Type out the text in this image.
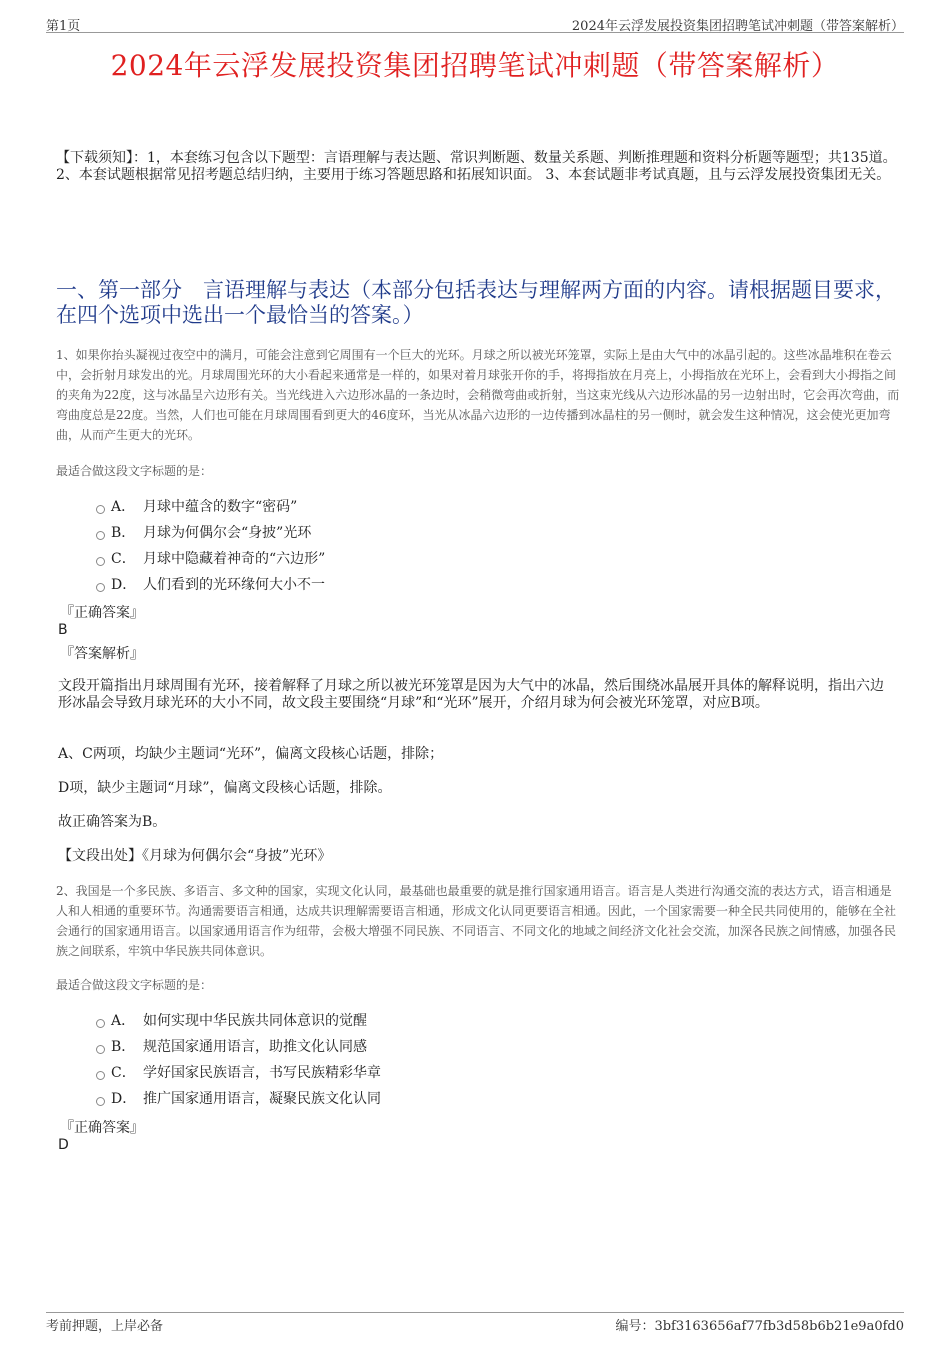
第1页	2024年云浮发展投资集团招聘笔试冲刺题（带答案解析）
2024年云浮发展投资集团招聘笔试冲刺题（带答案解析）
【下载须知】：1，本套练习包含以下题型：言语理解与表达题、常识判断题、数量关系题、判断推理题和资料分析题等题型；共135道。 2、本套试题根据常见招考题总结归纳，主要用于练习答题思路和拓展知识面。 3、本套试题非考试真题，且与云浮发展投资集团无关。
一、第一部分　言语理解与表达（本部分包括表达与理解两方面的内容。请根据题目要求，在四个选项中选出一个最恰当的答案。）
1、如果你抬头凝视过夜空中的满月，可能会注意到它周围有一个巨大的光环。月球之所以被光环笼罩，实际上是由大气中的冰晶引起的。这些冰晶堆积在卷云中，会折射月球发出的光。月球周围光环的大小看起来通常是一样的，如果对着月球张开你的手，将拇指放在月亮上，小拇指放在光环上，会看到大小拇指之间的夹角为22度，这与冰晶呈六边形有关。当光线进入六边形冰晶的一条边时，会稍微弯曲或折射，当这束光线从六边形冰晶的另一边射出时，它会再次弯曲，而弯曲度总是22度。当然，人们也可能在月球周围看到更大的46度环，当光从冰晶六边形的一边传播到冰晶柱的另一侧时，就会发生这种情况，这会使光更加弯曲，从而产生更大的光环。
最适合做这段文字标题的是：
A． 月球中蕴含的数字“密码”
B． 月球为何偶尔会“身披”光环
C． 月球中隐藏着神奇的“六边形”
D． 人们看到的光环缘何大小不一
『正确答案』
B
『答案解析』
文段开篇指出月球周围有光环，接着解释了月球之所以被光环笼罩是因为大气中的冰晶，然后围绕冰晶展开具体的解释说明，指出六边形冰晶会导致月球光环的大小不同，故文段主要围绕“月球”和“光环”展开，介绍月球为何会被光环笼罩，对应B项。
A、C两项，均缺少主题词“光环”，偏离文段核心话题，排除；
D项，缺少主题词“月球”，偏离文段核心话题，排除。
故正确答案为B。
【文段出处】《月球为何偶尔会“身披”光环》
2、我国是一个多民族、多语言、多文种的国家，实现文化认同，最基础也最重要的就是推行国家通用语言。语言是人类进行沟通交流的表达方式，语言相通是人和人相通的重要环节。沟通需要语言相通，达成共识理解需要语言相通，形成文化认同更要语言相通。因此，一个国家需要一种全民共同使用的，能够在全社会通行的国家通用语言。以国家通用语言作为纽带，会极大增强不同民族、不同语言、不同文化的地域之间经济文化社会交流，加深各民族之间情感，加强各民族之间联系，牢筑中华民族共同体意识。
最适合做这段文字标题的是：
A． 如何实现中华民族共同体意识的觉醒
B． 规范国家通用语言，助推文化认同感
C． 学好国家民族语言，书写民族精彩华章
D． 推广国家通用语言，凝聚民族文化认同
『正确答案』
D
考前押题，上岸必备	编号：3bf3163656af77fb3d58b6b21e9a0fd0
